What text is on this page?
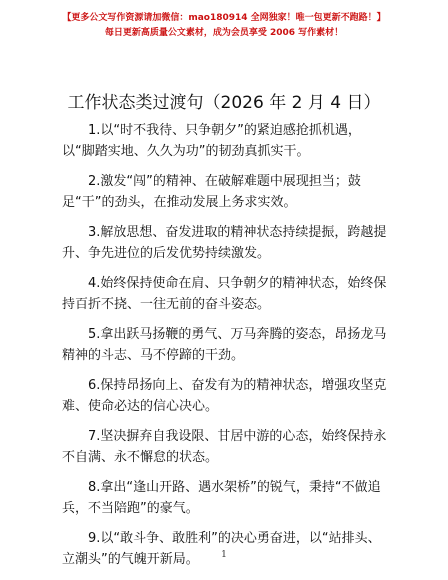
【更多公文写作资源请加微信：mao180914 全网独家！唯一包更新不跑路！】
每日更新高质量公文素材，成为会员享受 2006 写作素材！
工作状态类过渡句（2026 年 2 月 4 日）

1.以“时不我待、只争朝夕”的紧迫感抢抓机遇，以“脚踏实地、久久为功”的韧劲真抓实干。

2.激发“闯”的精神、在破解难题中展现担当；鼓足“干”的劲头，在推动发展上务求实效。

3.解放思想、奋发进取的精神状态持续提振，跨越提升、争先进位的后发优势持续激发。

4.始终保持使命在肩、只争朝夕的精神状态，始终保持百折不挠、一往无前的奋斗姿态。

5.拿出跃马扬鞭的勇气、万马奔腾的姿态，昂扬龙马精神的斗志、马不停蹄的干劲。

6.保持昂扬向上、奋发有为的精神状态，增强攻坚克难、使命必达的信心决心。

7.坚决摒弃自我设限、甘居中游的心态，始终保持永不自满、永不懈怠的状态。

8.拿出“逢山开路、遇水架桥”的锐气，秉持“不做追兵，不当陪跑”的豪气。

9.以“敢斗争、敢胜利”的决心勇奋进，以“站排头、立潮头”的气魄开新局。	1
